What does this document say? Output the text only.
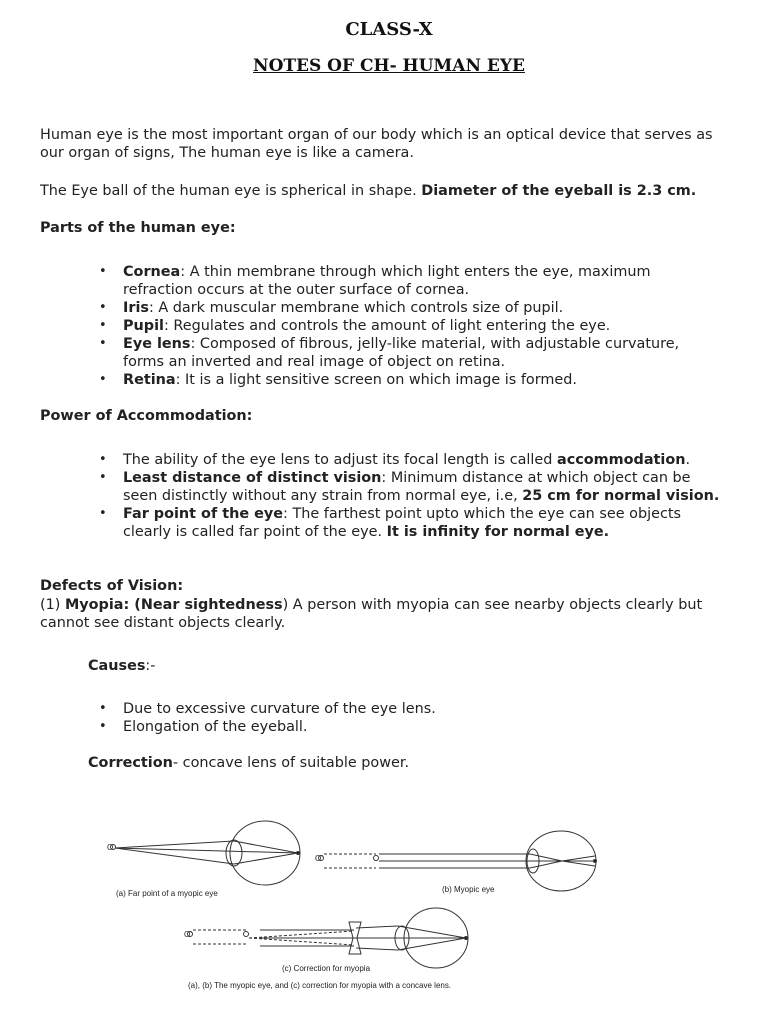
CLASS-X
NOTES OF CH- HUMAN EYE
Human eye is the most important organ of our body which is an optical device that serves as our organ of signs, The human eye is like a camera.
The Eye ball of the human eye is spherical in shape. Diameter of the eyeball is 2.3 cm.
Parts of the human eye:
• Cornea: A thin membrane through which light enters the eye, maximum refraction occurs at the outer surface of cornea.
• Iris: A dark muscular membrane which controls size of pupil.
• Pupil: Regulates and controls the amount of light entering the eye.
• Eye lens: Composed of fibrous, jelly-like material, with adjustable curvature, forms an inverted and real image of object on retina.
• Retina: It is a light sensitive screen on which image is formed.
Power of Accommodation:
• The ability of the eye lens to adjust its focal length is called accommodation.
• Least distance of distinct vision: Minimum distance at which object can be seen distinctly without any strain from normal eye, i.e, 25 cm for normal vision.
• Far point of the eye: The farthest point upto which the eye can see objects clearly is called far point of the eye. It is infinity for normal eye.
Defects of Vision:
(1) Myopia: (Near sightedness) A person with myopia can see nearby objects clearly but cannot see distant objects clearly.
Causes:-
• Due to excessive curvature of the eye lens.
• Elongation of the eyeball.
Correction- concave lens of suitable power.
O
O'
O'
(a) Far point of a myopic eye	(b) Myopic eye
(c) Correction for myopia
(a), (b) The myopic eye, and (c) correction for myopia with a concave lens.
